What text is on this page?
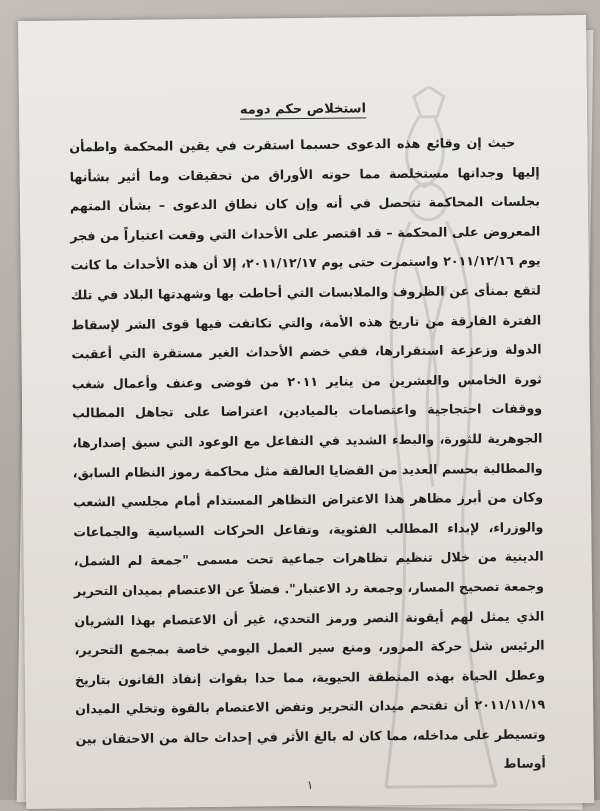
استخلاص حكم دومه

حيث إن وقائع هذه الدعوى حسبما استقرت في يقين المحكمة واطمأن إليها وجدانها مستخلصة مما حوته الأوراق من تحقيقات وما أثير بشأنها بجلسات المحاكمة تتحصل في أنه وإن كان نطاق الدعوى – بشأن المتهم المعروض على المحكمة – قد اقتصر على الأحداث التي وقعت اعتباراً من فجر يوم ٢٠١١/١٢/١٦ واستمرت حتى يوم ٢٠١١/١٢/١٧، إلا أن هذه الأحداث ما كانت لتقع بمنأى عن الظروف والملابسات التي أحاطت بها وشهدتها البلاد في تلك الفترة الفارقة من تاريخ هذه الأمة، والتي تكاتفت فيها قوى الشر لإسقاط الدولة وزعزعة استقرارها، ففي خضم الأحداث الغير مستقرة التي أعقبت ثورة الخامس والعشرين من يناير ٢٠١١ من فوضى وعنف وأعمال شغب ووقفات احتجاجية واعتصامات بالميادين، اعتراضا على تجاهل المطالب الجوهرية للثورة، والبطء الشديد في التفاعل مع الوعود التي سبق إصدارها، والمطالبة بحسم العديد من القضايا العالقة مثل محاكمة رموز النظام السابق، وكان من أبرز مظاهر هذا الاعتراض التظاهر المستدام أمام مجلسي الشعب والوزراء، لإبداء المطالب الفئوية، وتفاعل الحركات السياسية والجماعات الدينية من خلال تنظيم تظاهرات جماعية تحت مسمى "جمعة لم الشمل، وجمعة تصحيح المسار، وجمعة رد الاعتبار". فضلاً عن الاعتصام بميدان التحرير الذي يمثل لهم أيقونة النصر ورمز التحدي، غير أن الاعتصام بهذا الشريان الرئيس شل حركة المرور، ومنع سير العمل اليومي خاصة بمجمع التحرير، وعطل الحياة بهذه المنطقة الحيوية، مما حدا بقوات إنفاذ القانون بتاريخ ٢٠١١/١١/١٩ أن تقتحم ميدان التحرير وتفض الاعتصام بالقوة وتخلي الميدان وتسيطر على مداخله، مما كان له بالغ الأثر في إحداث حالة من الاحتقان بين أوساط

١
